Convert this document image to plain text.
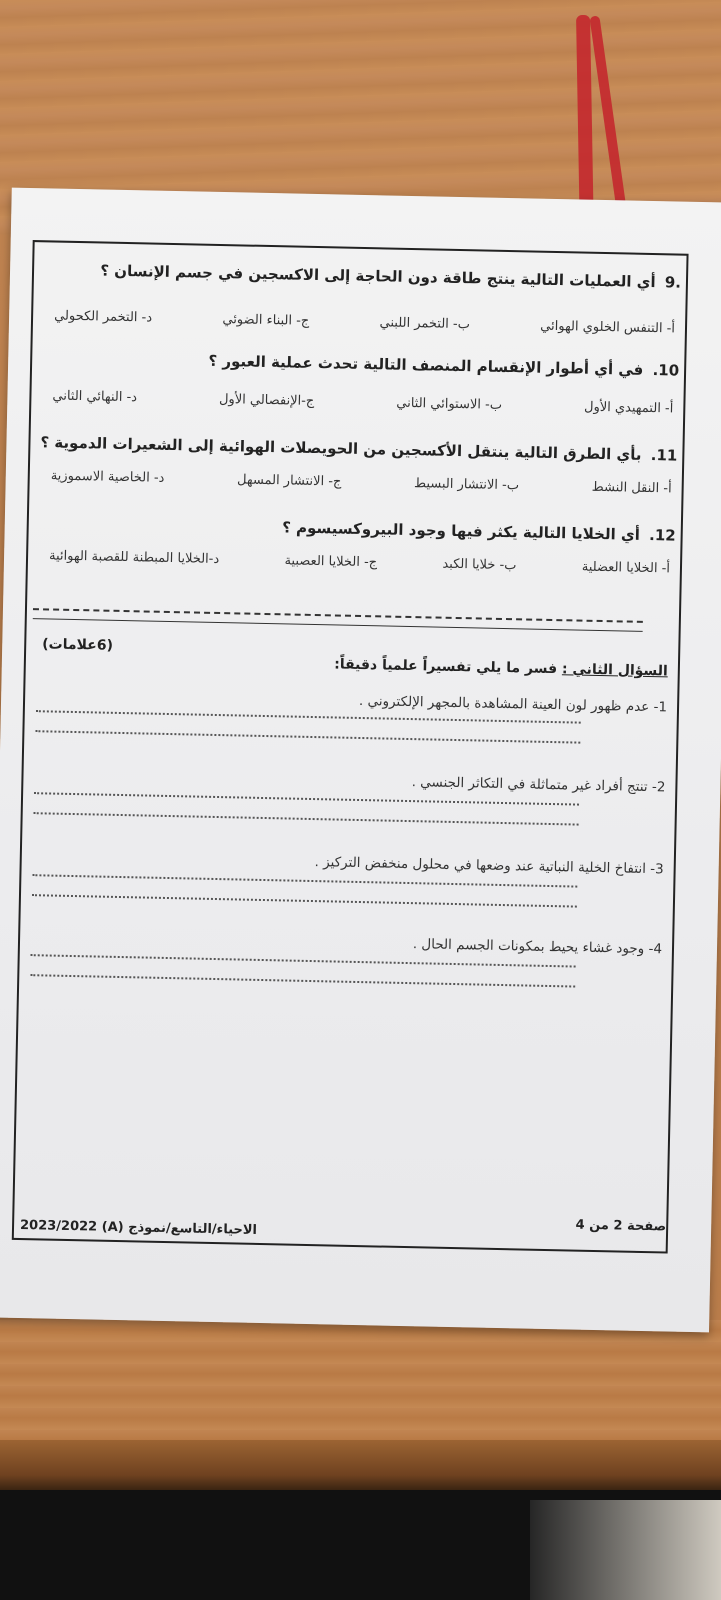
.9 أي العمليات التالية ينتج طاقة دون الحاجة إلى الاكسجين في جسم الإنسان ؟
أ- التنفس الخلوي الهوائي
ب- التخمر اللبني
ج- البناء الضوئي
د- التخمر الكحولي
10. في أي أطوار الإنقسام المنصف التالية تحدث عملية العبور ؟
أ- التمهيدي الأول
ب- الاستوائي الثاني
ج-الإنفصالي الأول
د- النهائي الثاني
11. بأي الطرق التالية ينتقل الأكسجين من الحويصلات الهوائية إلى الشعيرات الدموية ؟
أ- النقل النشط
ب- الانتشار البسيط
ج- الانتشار المسهل
د- الخاصية الاسموزية
12. أي الخلايا التالية يكثر فيها وجود البيروكسيسوم ؟
أ- الخلايا العضلية
ب- خلايا الكبد
ج- الخلايا العصبية
د-الخلايا المبطنة للقصبة الهوائية
السؤال الثاني : فسر ما يلي تفسيراً علمياً دقيقاً:
(6علامات)
1- عدم ظهور لون العينة المشاهدة بالمجهر الإلكتروني .
2- تنتج أفراد غير متماثلة في التكاثر الجنسي .
3- انتفاخ الخلية النباتية عند وضعها في محلول منخفض التركيز .
4- وجود غشاء يحيط بمكونات الجسم الحال .
صفحة 2 من 4
الاحياء/التاسع/نموذج (A) 2023/2022
